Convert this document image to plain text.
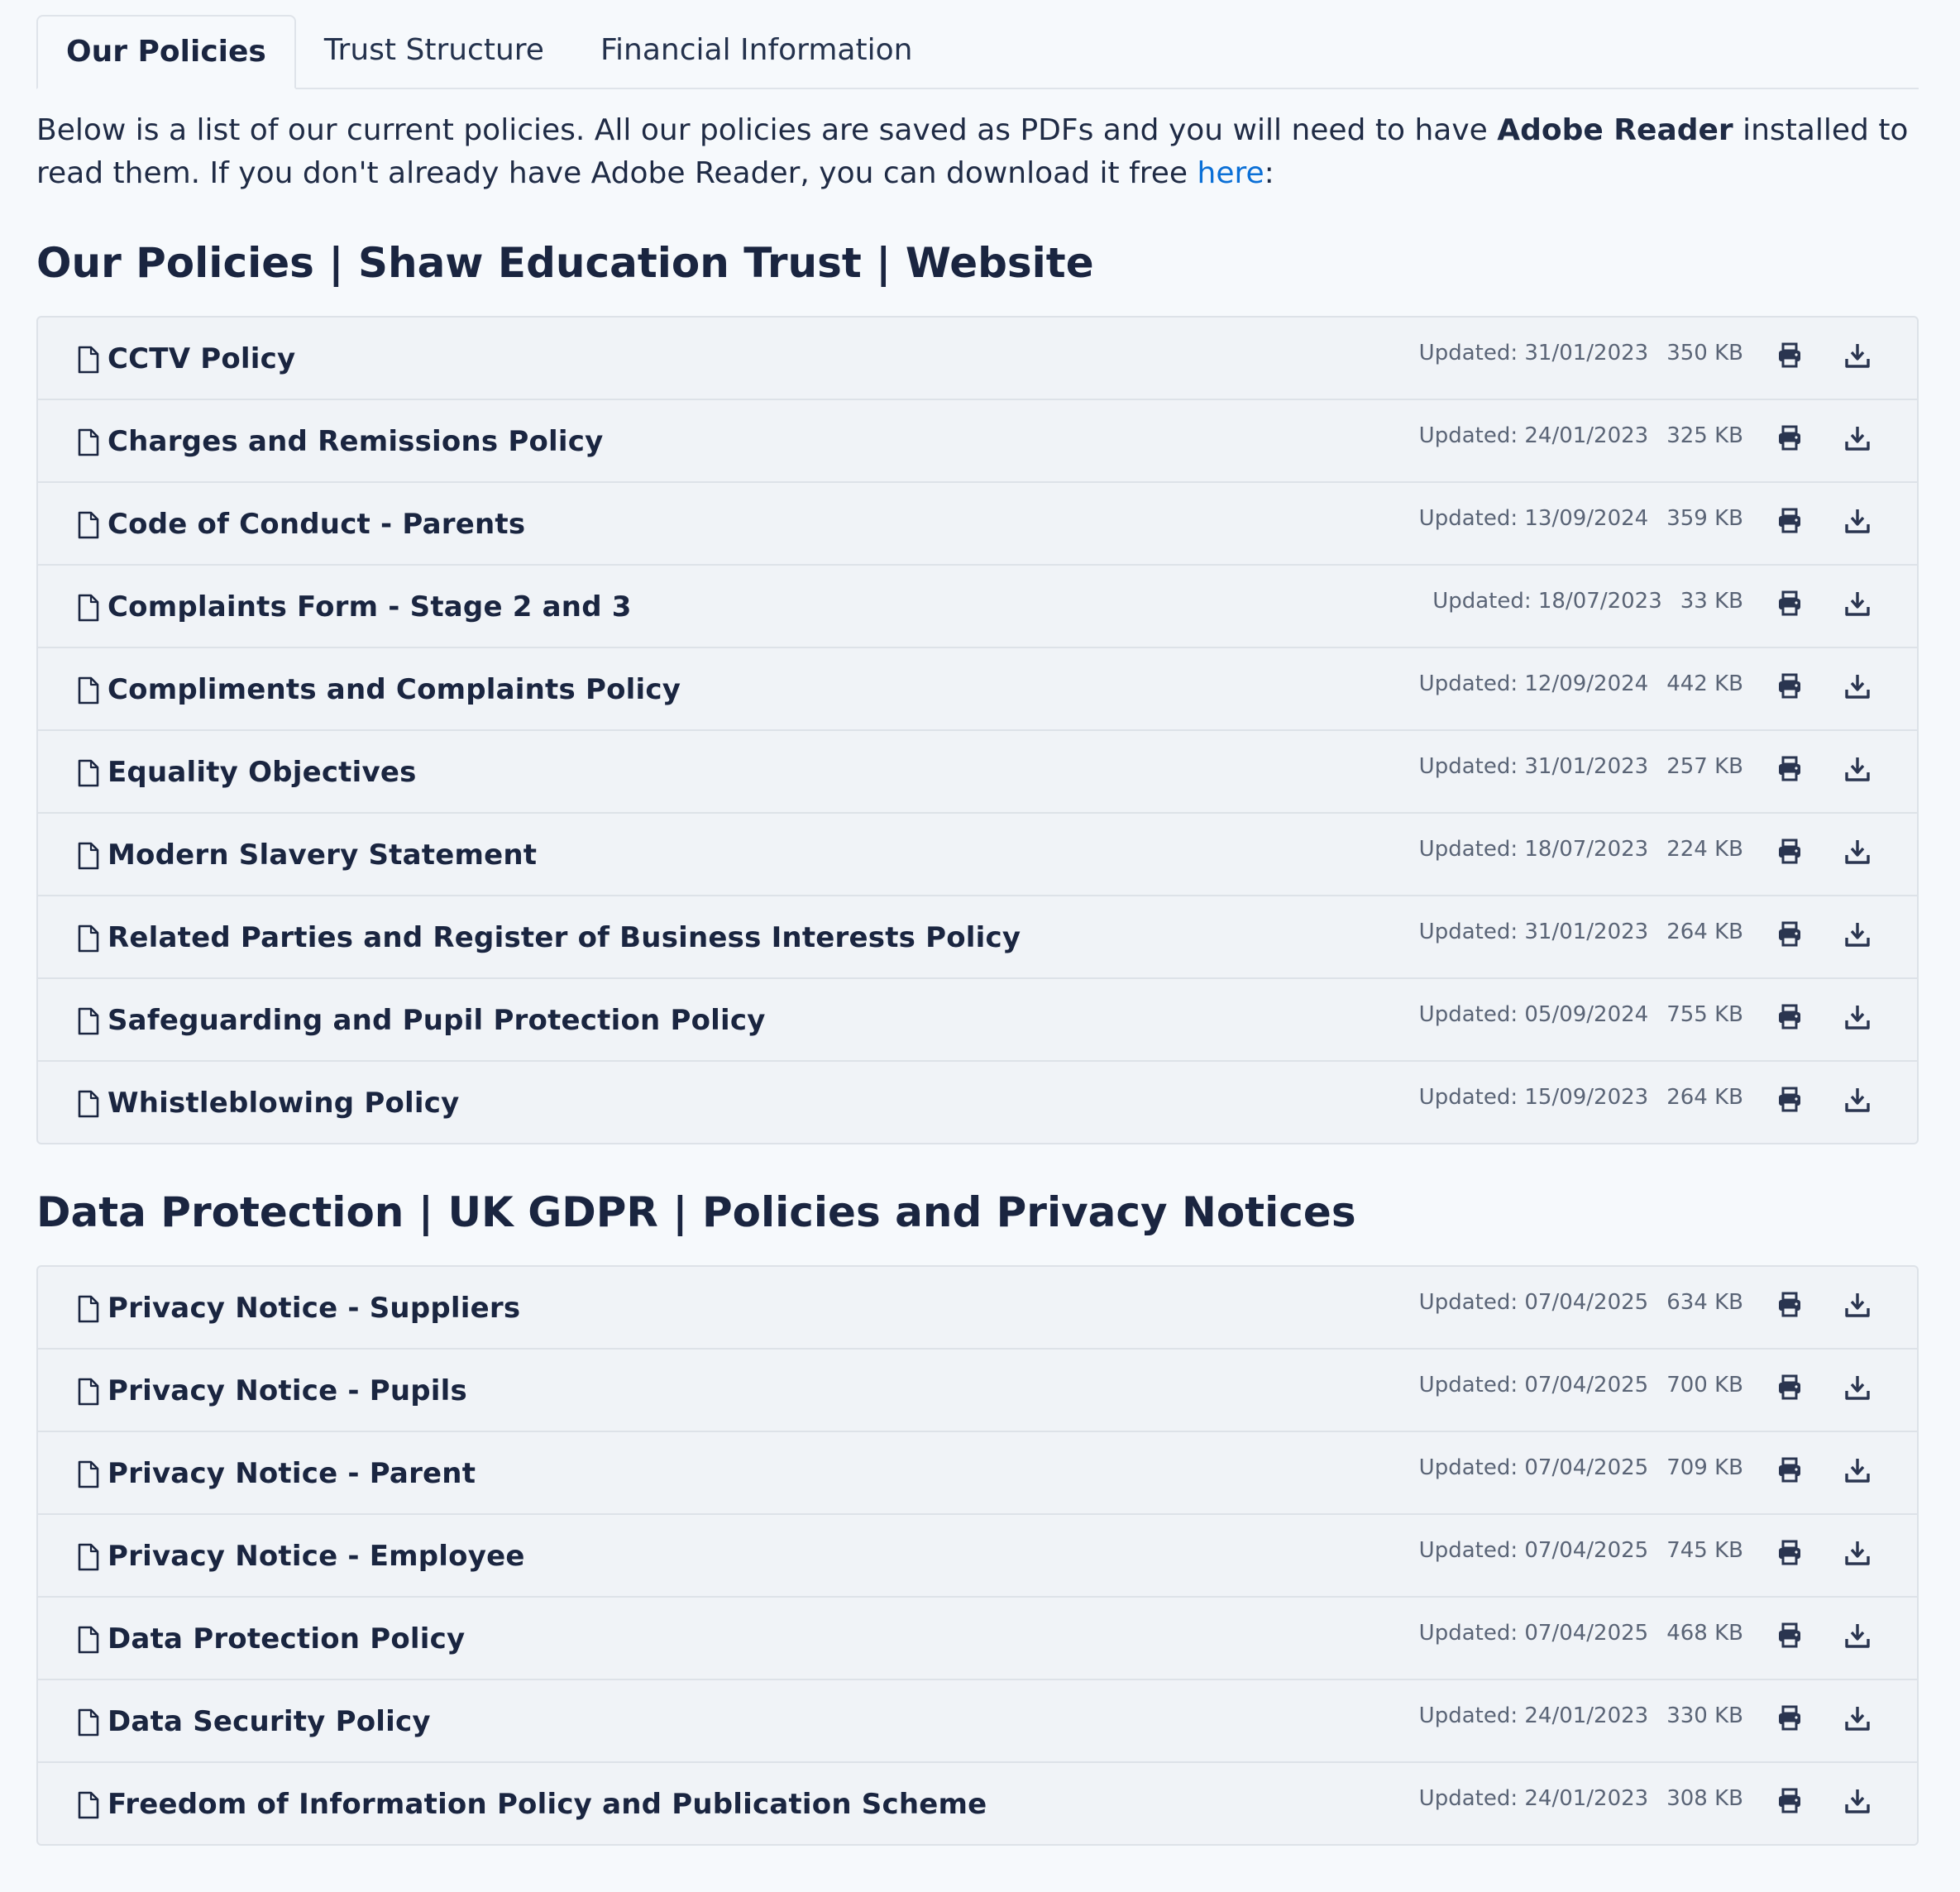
Our Policies	Trust Structure	Financial Information

Below is a list of our current policies. All our policies are saved as PDFs and you will need to have Adobe Reader installed to read them. If you don't already have Adobe Reader, you can download it free here:

Our Policies | Shaw Education Trust | Website
CCTV Policy	Updated: 31/01/2023 350 KB
Charges and Remissions Policy	Updated: 24/01/2023 325 KB
Code of Conduct - Parents	Updated: 13/09/2024 359 KB
Complaints Form - Stage 2 and 3	Updated: 18/07/2023 33 KB
Compliments and Complaints Policy	Updated: 12/09/2024 442 KB
Equality Objectives	Updated: 31/01/2023 257 KB
Modern Slavery Statement	Updated: 18/07/2023 224 KB
Related Parties and Register of Business Interests Policy	Updated: 31/01/2023 264 KB
Safeguarding and Pupil Protection Policy	Updated: 05/09/2024 755 KB
Whistleblowing Policy	Updated: 15/09/2023 264 KB
Data Protection | UK GDPR | Policies and Privacy Notices
Privacy Notice - Suppliers	Updated: 07/04/2025 634 KB
Privacy Notice - Pupils	Updated: 07/04/2025 700 KB
Privacy Notice - Parent	Updated: 07/04/2025 709 KB
Privacy Notice - Employee	Updated: 07/04/2025 745 KB
Data Protection Policy	Updated: 07/04/2025 468 KB
Data Security Policy	Updated: 24/01/2023 330 KB
Freedom of Information Policy and Publication Scheme	Updated: 24/01/2023 308 KB
